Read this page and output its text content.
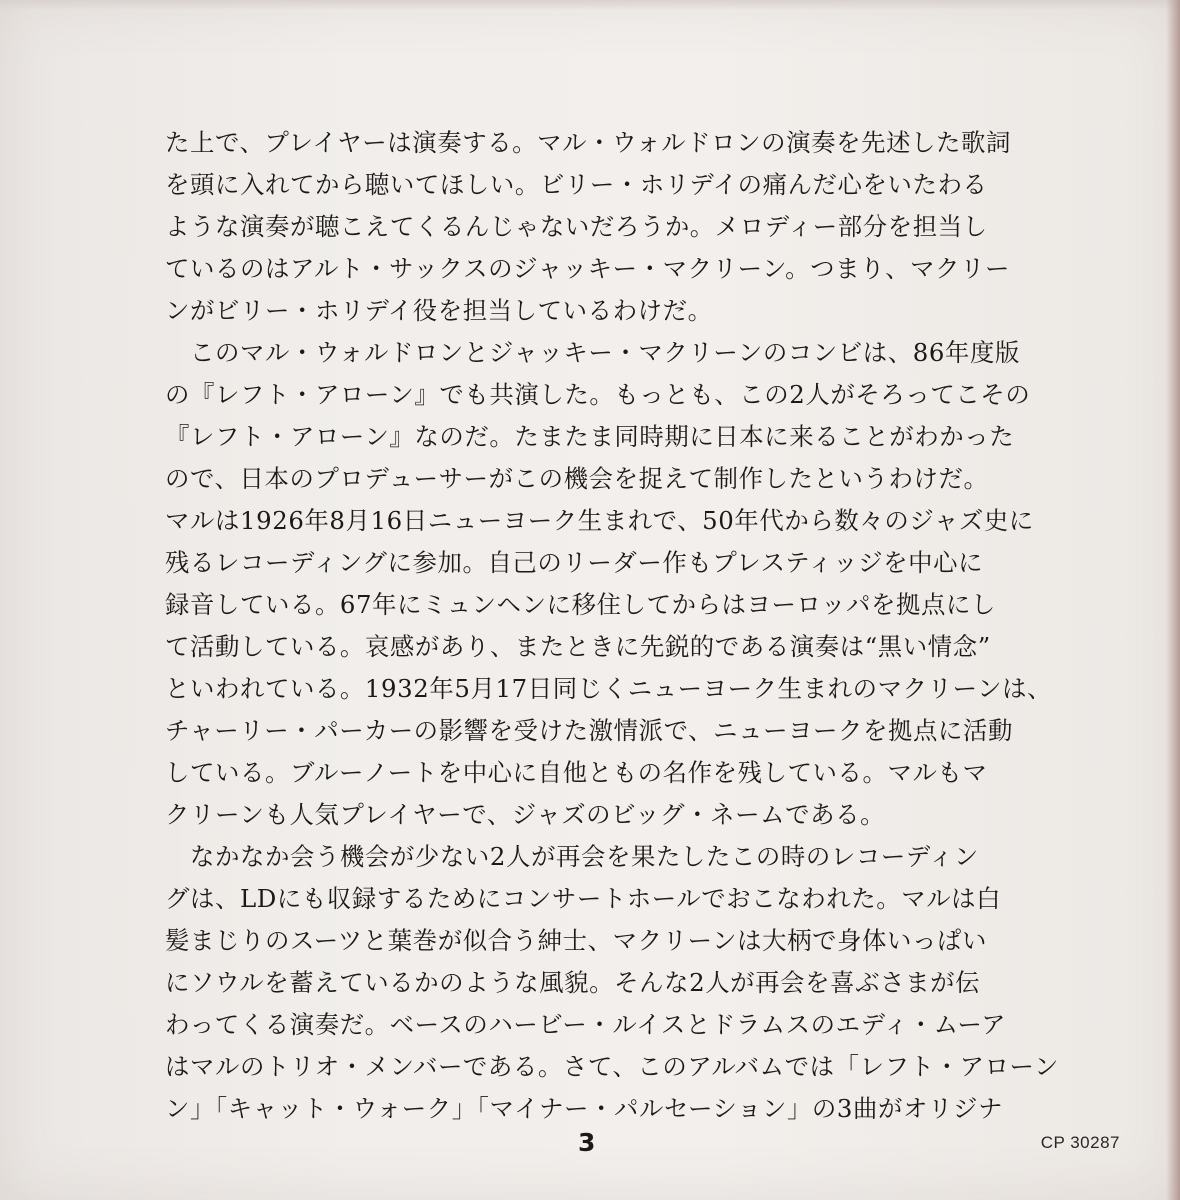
た上で、プレイヤーは演奏する。マル・ウォルドロンの演奏を先述した歌詞
を頭に入れてから聴いてほしい。ビリー・ホリデイの痛んだ心をいたわる
ような演奏が聴こえてくるんじゃないだろうか。メロディー部分を担当し
ているのはアルト・サックスのジャッキー・マクリーン。つまり、マクリー
ンがビリー・ホリデイ役を担当しているわけだ。
　このマル・ウォルドロンとジャッキー・マクリーンのコンビは、86年度版
の『レフト・アローン』でも共演した。もっとも、この2人がそろってこその
『レフト・アローン』なのだ。たまたま同時期に日本に来ることがわかった
ので、日本のプロデューサーがこの機会を捉えて制作したというわけだ。
マルは1926年8月16日ニューヨーク生まれで、50年代から数々のジャズ史に
残るレコーディングに参加。自己のリーダー作もプレスティッジを中心に
録音している。67年にミュンヘンに移住してからはヨーロッパを拠点にし
て活動している。哀感があり、またときに先鋭的である演奏は“黒い情念”
といわれている。1932年5月17日同じくニューヨーク生まれのマクリーンは、
チャーリー・パーカーの影響を受けた激情派で、ニューヨークを拠点に活動
している。ブルーノートを中心に自他ともの名作を残している。マルもマ
クリーンも人気プレイヤーで、ジャズのビッグ・ネームである。
　なかなか会う機会が少ない2人が再会を果たしたこの時のレコーディン
グは、LDにも収録するためにコンサートホールでおこなわれた。マルは白
髪まじりのスーツと葉巻が似合う紳士、マクリーンは大柄で身体いっぱい
にソウルを蓄えているかのような風貌。そんな2人が再会を喜ぶさまが伝
わってくる演奏だ。ベースのハービー・ルイスとドラムスのエディ・ムーア
はマルのトリオ・メンバーである。さて、このアルバムでは「レフト・アローン
ン」「キャット・ウォーク」「マイナー・パルセーション」の3曲がオリジナ
3	CP 30287
